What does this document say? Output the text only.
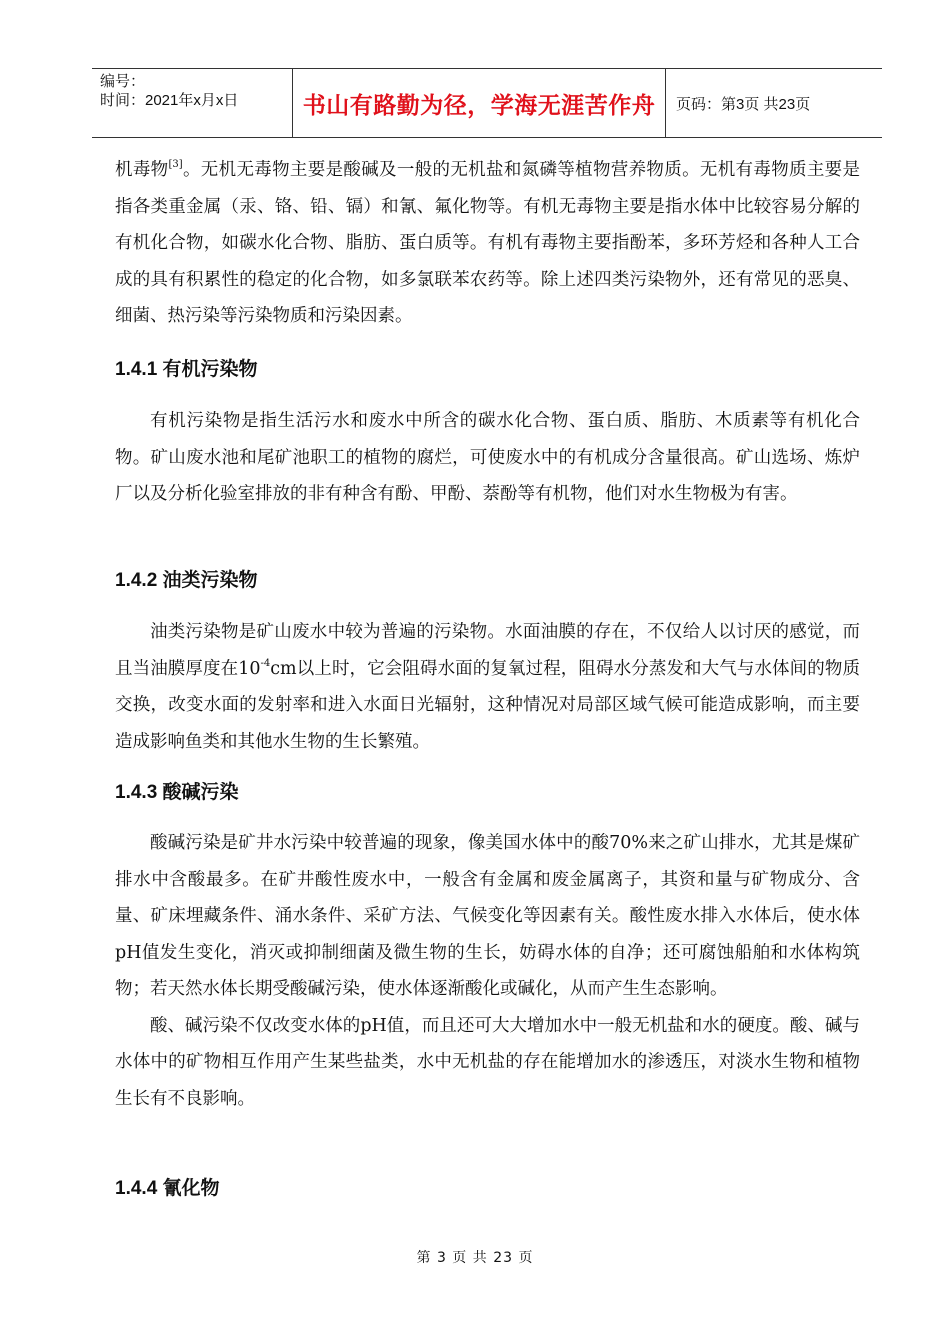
编号：
时间：2021年x月x日	书山有路勤为径，学海无涯苦作舟 页码：第3页 共23页

机毒物[3]。无机无毒物主要是酸碱及一般的无机盐和氮磷等植物营养物质。无机有毒物质主要是指各类重金属（汞、铬、铅、镉）和氰、氟化物等。有机无毒物主要是指水体中比较容易分解的有机化合物，如碳水化合物、脂肪、蛋白质等。有机有毒物主要指酚苯，多环芳烃和各种人工合成的具有积累性的稳定的化合物，如多氯联苯农药等。除上述四类污染物外，还有常见的恶臭、细菌、热污染等污染物质和污染因素。

1.4.1 有机污染物

有机污染物是指生活污水和废水中所含的碳水化合物、蛋白质、脂肪、木质素等有机化合物。矿山废水池和尾矿池职工的植物的腐烂，可使废水中的有机成分含量很高。矿山选场、炼炉厂以及分析化验室排放的非有种含有酚、甲酚、萘酚等有机物，他们对水生物极为有害。

1.4.2 油类污染物

油类污染物是矿山废水中较为普遍的污染物。水面油膜的存在，不仅给人以讨厌的感觉，而且当油膜厚度在$10^{-4}cm$以上时，它会阻碍水面的复氧过程，阻碍水分蒸发和大气与水体间的物质交换，改变水面的发射率和进入水面日光辐射，这种情况对局部区域气候可能造成影响，而主要造成影响鱼类和其他水生物的生长繁殖。

1.4.3 酸碱污染

酸碱污染是矿井水污染中较普遍的现象，像美国水体中的酸70%来之矿山排水，尤其是煤矿排水中含酸最多。在矿井酸性废水中，一般含有金属和废金属离子，其资和量与矿物成分、含量、矿床埋藏条件、涌水条件、采矿方法、气候变化等因素有关。酸性废水排入水体后，使水体pH值发生变化，消灭或抑制细菌及微生物的生长，妨碍水体的自净；还可腐蚀船舶和水体构筑物；若天然水体长期受酸碱污染，使水体逐渐酸化或碱化，从而产生生态影响。

酸、碱污染不仅改变水体的pH值，而且还可大大增加水中一般无机盐和水的硬度。酸、碱与水体中的矿物相互作用产生某些盐类，水中无机盐的存在能增加水的渗透压，对淡水生物和植物生长有不良影响。

1.4.4 氰化物
第 3 页 共 23 页
